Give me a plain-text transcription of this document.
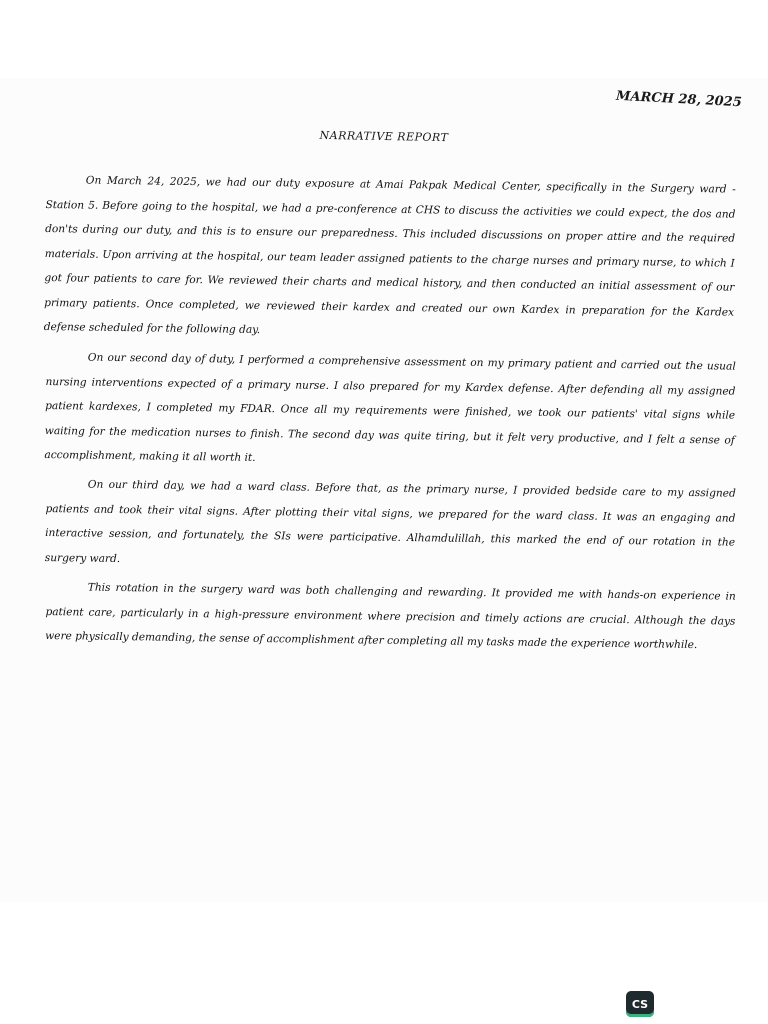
MARCH 28, 2025
NARRATIVE REPORT

On March 24, 2025, we had our duty exposure at Amai Pakpak Medical Center, specifically in the Surgery ward - Station 5. Before going to the hospital, we had a pre-conference at CHS to discuss the activities we could expect, the dos and don'ts during our duty, and this is to ensure our preparedness. This included discussions on proper attire and the required materials. Upon arriving at the hospital, our team leader assigned patients to the charge nurses and primary nurse, to which I got four patients to care for. We reviewed their charts and medical history, and then conducted an initial assessment of our primary patients. Once completed, we reviewed their kardex and created our own Kardex in preparation for the Kardex defense scheduled for the following day.

On our second day of duty, I performed a comprehensive assessment on my primary patient and carried out the usual nursing interventions expected of a primary nurse. I also prepared for my Kardex defense. After defending all my assigned patient kardexes, I completed my FDAR. Once all my requirements were finished, we took our patients' vital signs while waiting for the medication nurses to finish. The second day was quite tiring, but it felt very productive, and I felt a sense of accomplishment, making it all worth it.

On our third day, we had a ward class. Before that, as the primary nurse, I provided bedside care to my assigned patients and took their vital signs. After plotting their vital signs, we prepared for the ward class. It was an engaging and interactive session, and fortunately, the SIs were participative. Alhamdulillah, this marked the end of our rotation in the surgery ward.

This rotation in the surgery ward was both challenging and rewarding. It provided me with hands-on experience in patient care, particularly in a high-pressure environment where precision and timely actions are crucial. Although the days were physically demanding, the sense of accomplishment after completing all my tasks made the experience worthwhile.

CS
